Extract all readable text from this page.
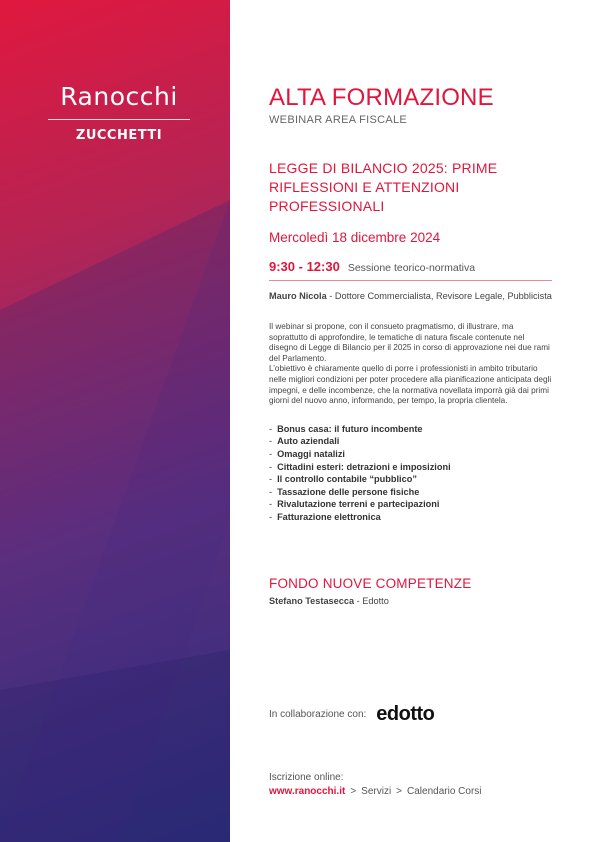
Ranocchi
ZUCCHETTI
ALTA FORMAZIONE
WEBINAR AREA FISCALE
LEGGE DI BILANCIO 2025: PRIME
RIFLESSIONI E ATTENZIONI PROFESSIONALI
Mercoledì 18 dicembre 2024
9:30 - 12:30 Sessione teorico-normativa
Mauro Nicola - Dottore Commercialista, Revisore Legale, Pubblicista
Il webinar si propone, con il consueto pragmatismo, di illustrare, ma soprattutto di approfondire, le tematiche di natura fiscale contenute nel disegno di Legge di Bilancio per il 2025 in corso di approvazione nei due rami del Parlamento.
L’obiettivo è chiaramente quello di porre i professionisti in ambito tributario nelle migliori condizioni per poter procedere alla pianificazione anticipata degli impegni, e delle incombenze, che la normativa novellata imporrà già dai primi giorni del nuovo anno, informando, per tempo, la propria clientela.
- Bonus casa: il futuro incombente
- Auto aziendali
- Omaggi natalizi
- Cittadini esteri: detrazioni e imposizioni
- Il controllo contabile “pubblico”
- Tassazione delle persone fisiche
- Rivalutazione terreni e partecipazioni
- Fatturazione elettronica
FONDO NUOVE COMPETENZE
Stefano Testasecca - Edotto
In collaborazione con: edotto
Iscrizione online:
www.ranocchi.it > Servizi > Calendario Corsi
